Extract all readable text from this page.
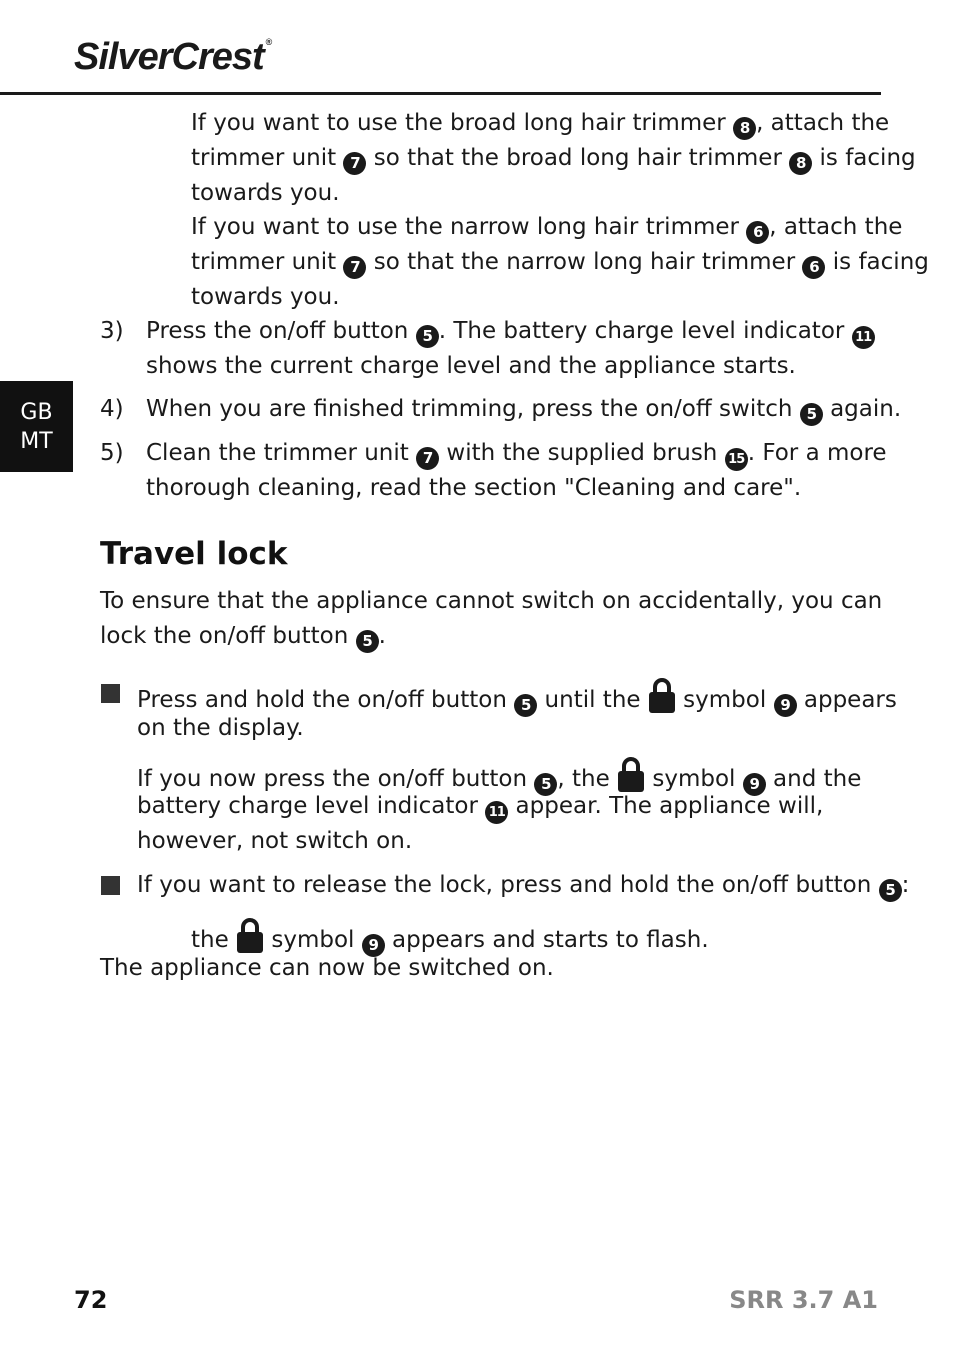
SilverCrest ®
GB
MT
If you want to use the broad long hair trimmer 8 , attach the
trimmer unit 7 so that the broad long hair trimmer 8 is facing
towards you.
If you want to use the narrow long hair trimmer 6 , attach the
trimmer unit 7 so that the narrow long hair trimmer 6 is facing
towards you.
3) Press the on/off button 5 . The battery charge level indicator 11
shows the current charge level and the appliance starts.
4) When you are finished trimming, press the on/off switch 5 again.
5) Clean the trimmer unit 7 with the supplied brush 15 . For a more
thorough cleaning, read the section "Cleaning and care".
Travel lock
To ensure that the appliance cannot switch on accidentally, you can
lock the on/off button 5 .
Press and hold the on/off button 5 until the  symbol 9 appears
on the display.
If you now press the on/off button 5 , the  symbol 9 and the
battery charge level indicator 11 appear. The appliance will,
however, not switch on.
If you want to release the lock, press and hold the on/off button 5 :
the  symbol 9 appears and starts to flash.
The appliance can now be switched on.
72	SRR 3.7 A1
